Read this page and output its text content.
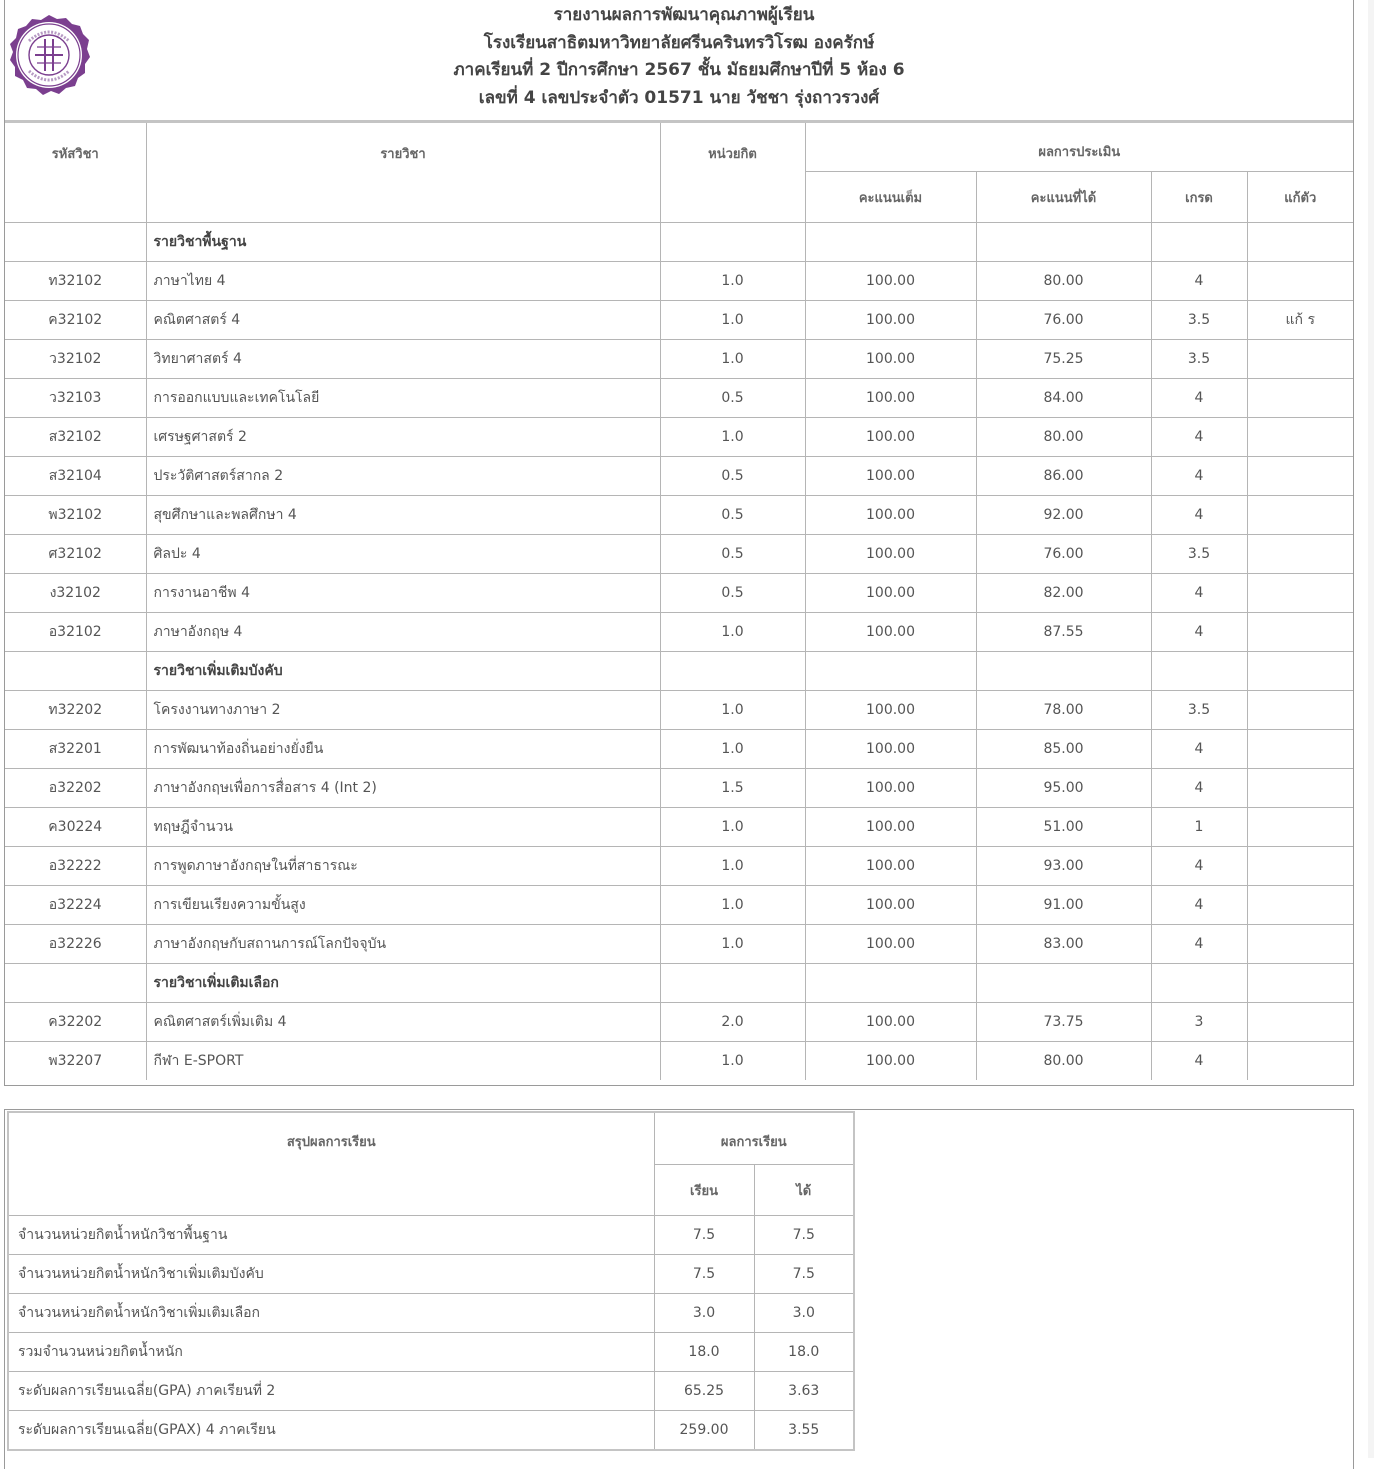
รายงานผลการพัฒนาคุณภาพผู้เรียน
โรงเรียนสาธิตมหาวิทยาลัยศรีนครินทรวิโรฒ องครักษ์
ภาคเรียนที่ 2 ปีการศึกษา 2567 ชั้น มัธยมศึกษาปีที่ 5 ห้อง 6
เลขที่ 4 เลขประจำตัว 01571 นาย วัชชา รุ่งถาวรวงศ์
รหัสวิชา	รายวิชา	หน่วยกิต	ผลการประเมิน			
			คะแนนเต็ม	คะแนนที่ได้	เกรด	แก้ตัว
	รายวิชาพื้นฐาน					
ท32102	ภาษาไทย 4	1.0	100.00	80.00	4	
ค32102	คณิตศาสตร์ 4	1.0	100.00	76.00	3.5	แก้ ร
ว32102	วิทยาศาสตร์ 4	1.0	100.00	75.25	3.5	
ว32103	การออกแบบและเทคโนโลยี	0.5	100.00	84.00	4	
ส32102	เศรษฐศาสตร์ 2	1.0	100.00	80.00	4	
ส32104	ประวัติศาสตร์สากล 2	0.5	100.00	86.00	4	
พ32102	สุขศึกษาและพลศึกษา 4	0.5	100.00	92.00	4	
ศ32102	ศิลปะ 4	0.5	100.00	76.00	3.5	
ง32102	การงานอาชีพ 4	0.5	100.00	82.00	4	
อ32102	ภาษาอังกฤษ 4	1.0	100.00	87.55	4	
	รายวิชาเพิ่มเติมบังคับ					
ท32202	โครงงานทางภาษา 2	1.0	100.00	78.00	3.5	
ส32201	การพัฒนาท้องถิ่นอย่างยั่งยืน	1.0	100.00	85.00	4	
อ32202	ภาษาอังกฤษเพื่อการสื่อสาร 4 (Int 2)	1.5	100.00	95.00	4	
ค30224	ทฤษฎีจำนวน	1.0	100.00	51.00	1	
อ32222	การพูดภาษาอังกฤษในที่สาธารณะ	1.0	100.00	93.00	4	
อ32224	การเขียนเรียงความขั้นสูง	1.0	100.00	91.00	4	
อ32226	ภาษาอังกฤษกับสถานการณ์โลกปัจจุบัน	1.0	100.00	83.00	4	
	รายวิชาเพิ่มเติมเลือก					
ค32202	คณิตศาสตร์เพิ่มเติม 4	2.0	100.00	73.75	3	
พ32207	กีฬา E-SPORT	1.0	100.00	80.00	4	
สรุปผลการเรียน	ผลการเรียน	

	เรียน	ได้
จำนวนหน่วยกิตน้ำหนักวิชาพื้นฐาน	7.5	7.5
จำนวนหน่วยกิตน้ำหนักวิชาเพิ่มเติมบังคับ	7.5	7.5
จำนวนหน่วยกิตน้ำหนักวิชาเพิ่มเติมเลือก	3.0	3.0
รวมจำนวนหน่วยกิตน้ำหนัก	18.0	18.0
ระดับผลการเรียนเฉลี่ย(GPA) ภาคเรียนที่ 2	65.25	3.63
ระดับผลการเรียนเฉลี่ย(GPAX) 4 ภาคเรียน	259.00	3.55
